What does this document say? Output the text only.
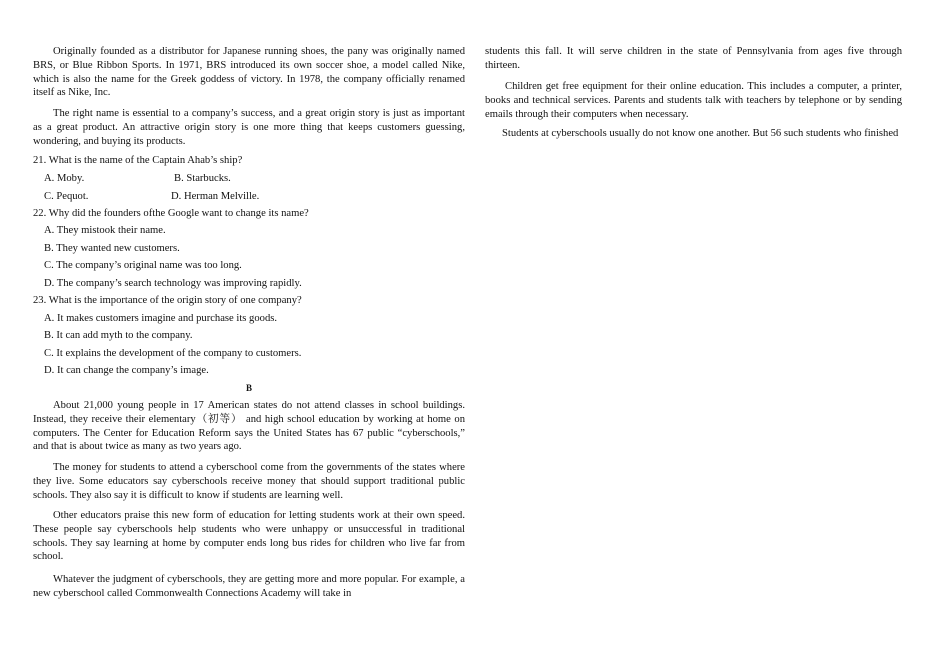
Originally founded as a distributor for Japanese running shoes, the pany was originally named BRS, or Blue Ribbon Sports. In 1971, BRS introduced its own soccer shoe, a model called Nike, which is also the name for the Greek goddess of victory. In 1978, the company officially renamed itself as Nike, Inc.

The right name is essential to a company’s success, and a great origin story is just as important as a great product. An attractive origin story is one more thing that keeps customers guessing, wondering, and buying its products.

21. What is the name of the Captain Ahab’s ship?
A. Moby.	B. Starbucks.
C. Pequot.	D. Herman Melville.
22. Why did the founders ofthe Google want to change its name?
A. They mistook their name.
B. They wanted new customers.
C. The company’s original name was too long.
D. The company’s search technology was improving rapidly.
23. What is the importance of the origin story of one company?
A. It makes customers imagine and purchase its goods.
B. It can add myth to the company.
C. It explains the development of the company to customers.
D. It can change the company’s image.
B

About 21,000 young people in 17 American states do not attend classes in school buildings. Instead, they receive their elementary（初等） and high school education by working at home on computers. The Center for Education Reform says the United States has 67 public “cyberschools,” and that is about twice as many as two years ago.

The money for students to attend a cyberschool come from the governments of the states where they live. Some educators say cyberschools receive money that should support traditional public schools. They also say it is difficult to know if students are learning well.

Other educators praise this new form of education for letting students work at their own speed. These people say cyberschools help students who were unhappy or unsuccessful in traditional schools. They say learning at home by computer ends long bus rides for children who live far from school.

Whatever the judgment of cyberschools, they are getting more and more popular. For example, a new cyberschool called Commonwealth Connections Academy will take in

students this fall. It will serve children in the state of Pennsylvania from ages five through thirteen.

Children get free equipment for their online education. This includes a computer, a printer, books and technical services. Parents and students talk with teachers by telephone or by sending emails through their computers when necessary.

Students at cyberschools usually do not know one another. But 56 such students who finished
